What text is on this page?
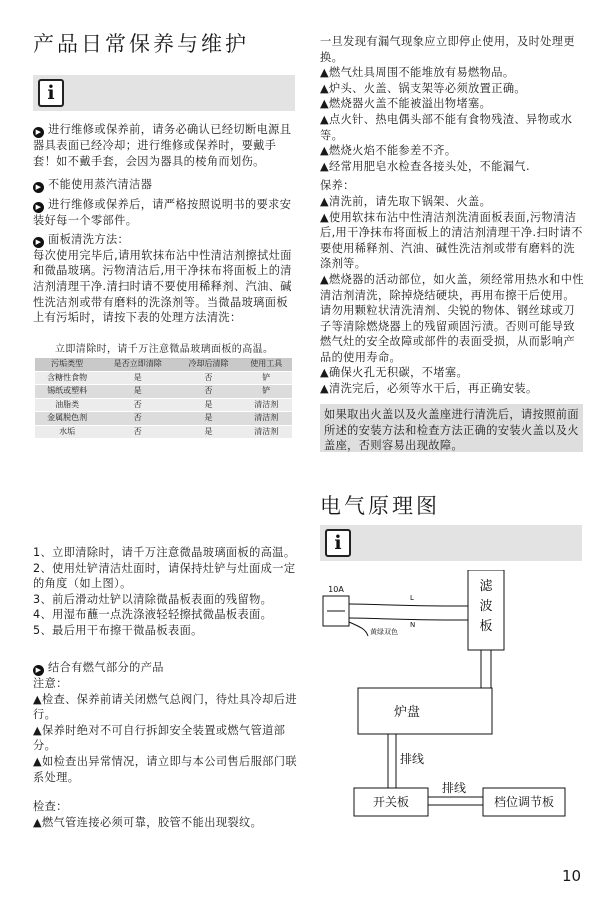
产品日常保养与维护
i

▶ 进行维修或保养前，请务必确认已经切断电源且器具表面已经冷却；进行维修或保养时，要戴手套！如不戴手套，会因为器具的棱角而划伤。

▶ 不能使用蒸汽清洁器

▶ 进行维修或保养后，请严格按照说明书的要求安装好每一个零部件。

▶ 面板清洗方法：

每次使用完毕后,请用软抹布沾中性清洁剂擦拭灶面和微晶玻璃。污物清洁后,用干净抹布将面板上的清洁剂清理干净.清扫时请不要使用稀释剂、汽油、碱性洗洁剂或带有磨料的洗涤剂等。当微晶玻璃面板上有污垢时，请按下表的处理方法清洗：

立即清除时，请千万注意微晶玻璃面板的高温。
污垢类型	是否立即清除	冷却后清除	使用工具
含糖性食物	是	否	铲
锡纸或塑料	是	否	铲
油脂类	否	是	清洁剂
金属脱色剂	否	是	清洁剂
水垢	否	是	清洁剂

1、立即清除时，请千万注意微晶玻璃面板的高温。

2、使用灶铲清洁灶面时，请保持灶铲与灶面成一定的角度（如上图）。

3、前后滑动灶铲以清除微晶板表面的残留物。

4、用湿布蘸一点洗涤液轻轻擦拭微晶板表面。

5、最后用干布擦干微晶板表面。

▶ 结合有燃气部分的产品

注意：

▲检查、保养前请关闭燃气总阀门，待灶具冷却后进行。

▲保养时绝对不可自行拆卸安全装置或燃气管道部分。

▲如检查出异常情况，请立即与本公司售后服部门联系处理。

检查：

▲燃气管连接必须可靠，胶管不能出现裂纹。

一旦发现有漏气现象应立即停止使用，及时处理更换。

▲燃气灶具周围不能堆放有易燃物品。

▲炉头、火盖、锅支架等必须放置正确。

▲燃烧器火盖不能被溢出物堵塞。

▲点火针、热电偶头部不能有食物残渣、异物或水等。

▲燃烧火焰不能参差不齐。

▲经常用肥皂水检查各接头处，不能漏气.

保养：

▲清洗前，请先取下锅架、火盖。

▲使用软抹布沾中性清洁剂洗清面板表面,污物清洁后,用干净抹布将面板上的清洁剂清理干净.扫时请不要使用稀释剂、汽油、碱性洗洁剂或带有磨料的洗涤剂等。

▲燃烧器的活动部位，如火盖，须经常用热水和中性清洁剂清洗，除掉烧结硬块，再用布擦干后使用。请勿用颗粒状清洗清剂、尖锐的物体、钢丝球或刀子等清除燃烧器上的残留顽固污渍。否则可能导致燃气灶的安全故障或部件的表面受损，从而影响产品的使用寿命。

▲确保火孔无积碳，不堵塞。

▲清洗完后，必须等水干后，再正确安装。

如果取出火盖以及火盖座进行清洗后，请按照前面所述的安装方法和检查方法正确的安装火盖以及火盖座，否则容易出现故障。
电气原理图
i
10A
L
N
黄绿双色
滤
波
板
炉盘
排线
开关板
排线
档位调节板
10
